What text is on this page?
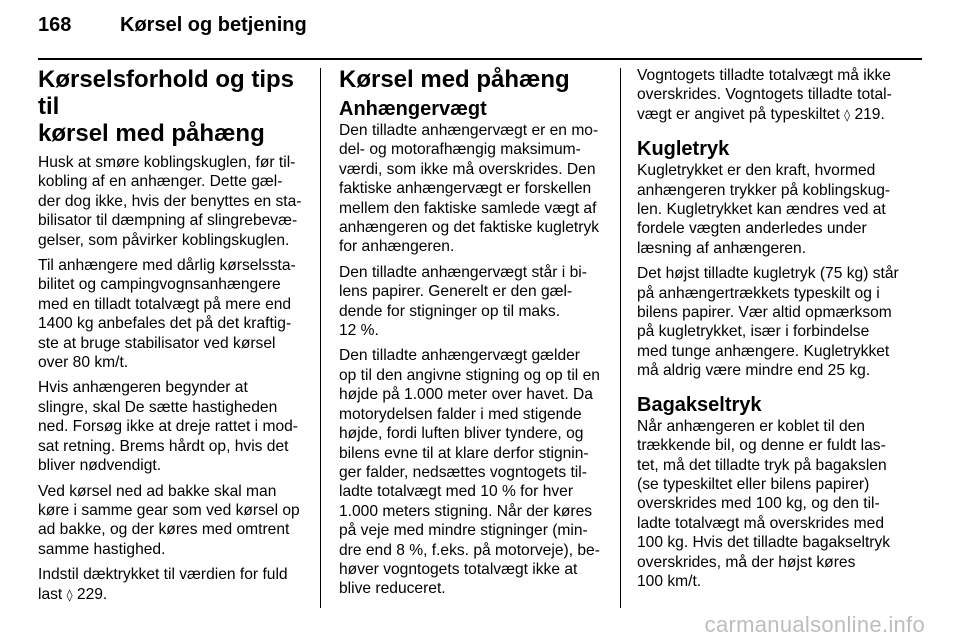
168 Kørsel og betjening
Kørselsforhold og tips til
kørsel med påhæng

Husk at smøre koblingskuglen, før til-
kobling af en anhænger. Dette gæl-
der dog ikke, hvis der benyttes en sta-
bilisator til dæmpning af slingrebevæ-
gelser, som påvirker koblingskuglen.

Til anhængere med dårlig kørselssta-
bilitet og campingvognsanhængere
med en tilladt totalvægt på mere end
1400 kg anbefales det på det kraftig-
ste at bruge stabilisator ved kørsel
over 80 km/t.

Hvis anhængeren begynder at
slingre, skal De sætte hastigheden
ned. Forsøg ikke at dreje rattet i mod-
sat retning. Brems hårdt op, hvis det
bliver nødvendigt.

Ved kørsel ned ad bakke skal man
køre i samme gear som ved kørsel op
ad bakke, og der køres med omtrent
samme hastighed.

Indstil dæktrykket til værdien for fuld
last ◊ 229.

Kørsel med påhæng
Anhængervægt

Den tilladte anhængervægt er en mo-
del- og motorafhængig maksimum-
værdi, som ikke må overskrides. Den
faktiske anhængervægt er forskellen
mellem den faktiske samlede vægt af
anhængeren og det faktiske kugletryk
for anhængeren.

Den tilladte anhængervægt står i bi-
lens papirer. Generelt er den gæl-
dende for stigninger op til maks.
12 %.

Den tilladte anhængervægt gælder
op til den angivne stigning og op til en
højde på 1.000 meter over havet. Da
motorydelsen falder i med stigende
højde, fordi luften bliver tyndere, og
bilens evne til at klare derfor stignin-
ger falder, nedsættes vogntogets til-
ladte totalvægt med 10 % for hver
1.000 meters stigning. Når der køres
på veje med mindre stigninger (min-
dre end 8 %, f.eks. på motorveje), be-
høver vogntogets totalvægt ikke at
blive reduceret.

Vogntogets tilladte totalvægt må ikke
overskrides. Vogntogets tilladte total-
vægt er angivet på typeskiltet ◊ 219.

Kugletryk

Kugletrykket er den kraft, hvormed
anhængeren trykker på koblingskug-
len. Kugletrykket kan ændres ved at
fordele vægten anderledes under
læsning af anhængeren.

Det højst tilladte kugletryk (75 kg) står
på anhængertrækkets typeskilt og i
bilens papirer. Vær altid opmærksom
på kugletrykket, især i forbindelse
med tunge anhængere. Kugletrykket
må aldrig være mindre end 25 kg.

Bagakseltryk

Når anhængeren er koblet til den
trækkende bil, og denne er fuldt las-
tet, må det tilladte tryk på bagakslen
(se typeskiltet eller bilens papirer)
overskrides med 100 kg, og den til-
ladte totalvægt må overskrides med
100 kg. Hvis det tilladte bagakseltryk
overskrides, må der højst køres
100 km/t.

carmanualsonline.info
